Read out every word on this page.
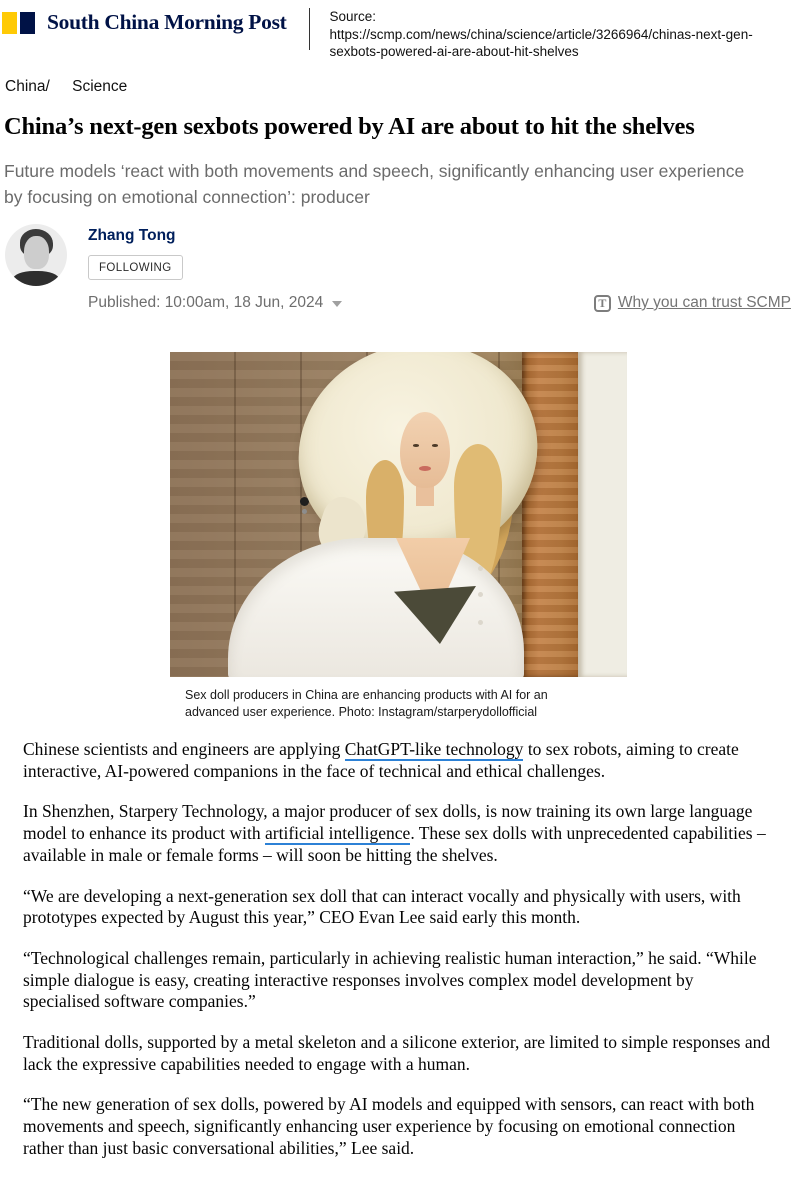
South China Morning Post	Source:
https://scmp.com/news/china/science/article/3266964/chinas-next-gen-sexbots-powered-ai-are-about-hit-shelves
China/ Science
China’s next-gen sexbots powered by AI are about to hit the shelves
Future models ‘react with both movements and speech, significantly enhancing user experience by focusing on emotional connection’: producer
Zhang Tong
FOLLOWING
Published: 10:00am, 18 Jun, 2024	T Why you can trust SCMP
Sex doll producers in China are enhancing products with AI for an advanced user experience. Photo: Instagram/starperydollofficial

Chinese scientists and engineers are applying ChatGPT-like technology to sex robots, aiming to create interactive, AI-powered companions in the face of technical and ethical challenges.

In Shenzhen, Starpery Technology, a major producer of sex dolls, is now training its own large language model to enhance its product with artificial intelligence. These sex dolls with unprecedented capabilities – available in male or female forms – will soon be hitting the shelves.

“We are developing a next-generation sex doll that can interact vocally and physically with users, with prototypes expected by August this year,” CEO Evan Lee said early this month.

“Technological challenges remain, particularly in achieving realistic human interaction,” he said. “While simple dialogue is easy, creating interactive responses involves complex model development by specialised software companies.”

Traditional dolls, supported by a metal skeleton and a silicone exterior, are limited to simple responses and lack the expressive capabilities needed to engage with a human.

“The new generation of sex dolls, powered by AI models and equipped with sensors, can react with both movements and speech, significantly enhancing user experience by focusing on emotional connection rather than just basic conversational abilities,” Lee said.
